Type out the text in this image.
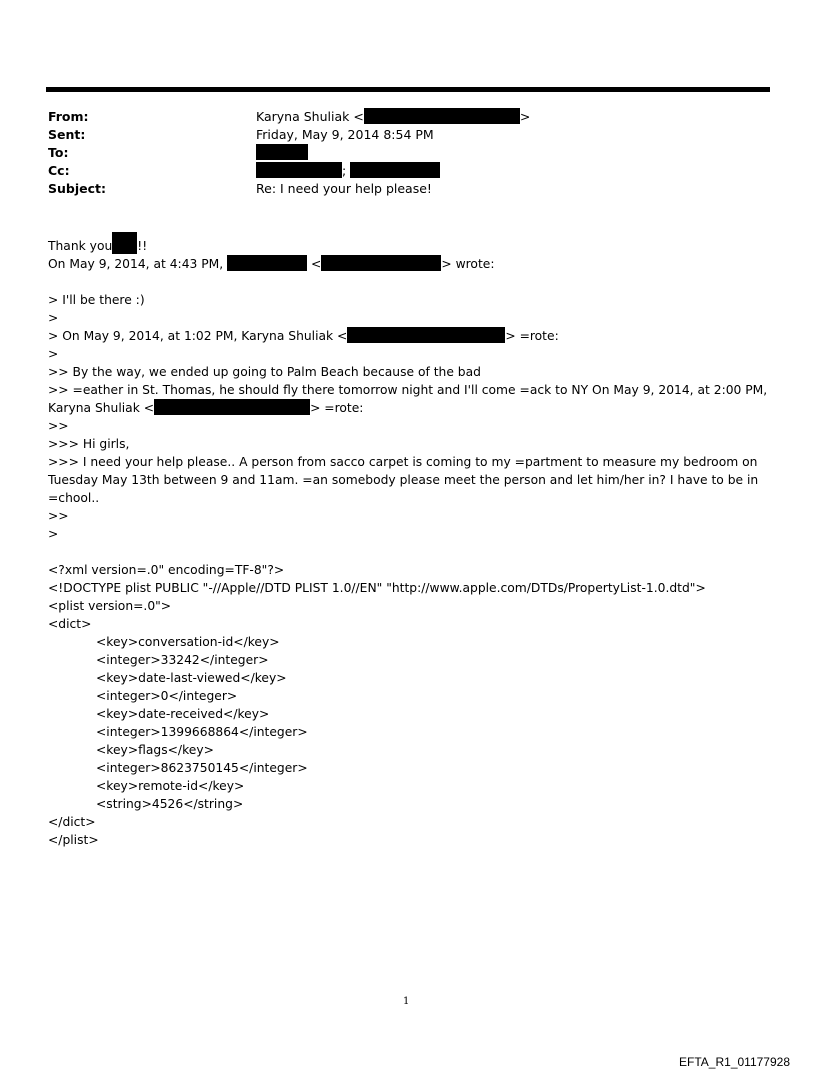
From:	Karyna Shuliak <	>
Sent:	Friday, May 9, 2014 8:54 PM
To:
Cc:	;
Subject:	Re: I need your help please!
Thank you !!
On May 9, 2014, at 4:43 PM,	<	> wrote:
> I'll be there :)
>
> On May 9, 2014, at 1:02 PM, Karyna Shuliak <	> =rote:
>
>> By the way, we ended up going to Palm Beach because of the bad
>> =eather in St. Thomas, he should fly there tomorrow night and I'll come =ack to NY On May 9, 2014, at 2:00 PM,
Karyna Shuliak <	> =rote:
>>
>>> Hi girls,
>>> I need your help please.. A person from sacco carpet is coming to my =partment to measure my bedroom on Tuesday May 13th between 9 and 11am. =an somebody please meet the person and let him/her in? I have to be in =chool..
>>
>
<?xml version=.0" encoding=TF-8"?>
<!DOCTYPE plist PUBLIC "-//Apple//DTD PLIST 1.0//EN" "http://www.apple.com/DTDs/PropertyList-1.0.dtd">
<plist version=.0">
<dict>
<key>conversation-id</key>
<integer>33242</integer>
<key>date-last-viewed</key>
<integer>0</integer>
<key>date-received</key>
<integer>1399668864</integer>
<key>flags</key>
<integer>8623750145</integer>
<key>remote-id</key>
<string>4526</string>
</dict>
</plist>
1
EFTA_R1_01177928
